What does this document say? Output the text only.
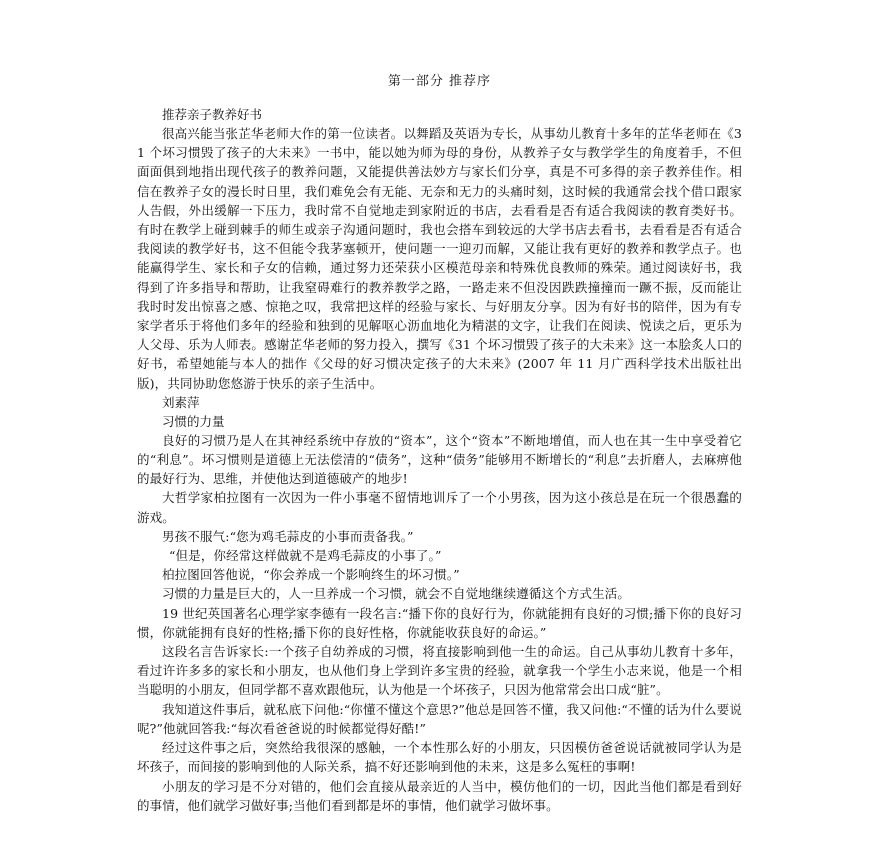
第一部分 推荐序

推荐亲子教养好书

很高兴能当张芷华老师大作的第一位读者。以舞蹈及英语为专长，从事幼儿教育十多年的芷华老师在《31 个坏习惯毁了孩子的大未来》一书中，能以她为师为母的身份，从教养子女与教学学生的角度着手，不但面面俱到地指出现代孩子的教养问题，又能提供善法妙方与家长们分享，真是不可多得的亲子教养佳作。相信在教养子女的漫长时日里，我们难免会有无能、无奈和无力的头痛时刻，这时候的我通常会找个借口跟家人告假，外出缓解一下压力，我时常不自觉地走到家附近的书店，去看看是否有适合我阅读的教育类好书。有时在教学上碰到棘手的师生或亲子沟通问题时，我也会搭车到较远的大学书店去看书，去看看是否有适合我阅读的教学好书，这不但能令我茅塞顿开，使问题一一迎刃而解，又能让我有更好的教养和教学点子。也能赢得学生、家长和子女的信赖，通过努力还荣获小区模范母亲和特殊优良教师的殊荣。通过阅读好书，我得到了许多指导和帮助，让我窒碍难行的教养教学之路，一路走来不但没因跌跌撞撞而一蹶不振，反而能让我时时发出惊喜之感、惊艳之叹，我常把这样的经验与家长、与好朋友分享。因为有好书的陪伴，因为有专家学者乐于将他们多年的经验和独到的见解呕心沥血地化为精湛的文字，让我们在阅读、悦读之后，更乐为人父母、乐为人师表。感谢芷华老师的努力投入，撰写《31 个坏习惯毁了孩子的大未来》这一本脍炙人口的好书，希望她能与本人的拙作《父母的好习惯决定孩子的大未来》(2007 年 11 月广西科学技术出版社出版)，共同协助您悠游于快乐的亲子生活中。

刘素萍

习惯的力量

良好的习惯乃是人在其神经系统中存放的“资本”，这个“资本”不断地增值，而人也在其一生中享受着它的“利息”。坏习惯则是道德上无法偿清的“债务”，这种“债务”能够用不断增长的“利息”去折磨人，去麻痹他的最好行为、思维，并使他达到道德破产的地步!

大哲学家柏拉图有一次因为一件小事毫不留情地训斥了一个小男孩，因为这小孩总是在玩一个很愚蠢的游戏。

男孩不服气:“您为鸡毛蒜皮的小事而责备我。”

“但是，你经常这样做就不是鸡毛蒜皮的小事了。”

柏拉图回答他说，“你会养成一个影响终生的坏习惯。”

习惯的力量是巨大的，人一旦养成一个习惯，就会不自觉地继续遵循这个方式生活。

19 世纪英国著名心理学家李德有一段名言:“播下你的良好行为，你就能拥有良好的习惯;播下你的良好习惯，你就能拥有良好的性格;播下你的良好性格，你就能收获良好的命运。”

这段名言告诉家长:一个孩子自幼养成的习惯，将直接影响到他一生的命运。自己从事幼儿教育十多年，看过许许多多的家长和小朋友，也从他们身上学到许多宝贵的经验，就拿我一个学生小志来说，他是一个相当聪明的小朋友，但同学都不喜欢跟他玩，认为他是一个坏孩子，只因为他常常会出口成“脏”。

我知道这件事后，就私底下问他:“你懂不懂这个意思?”他总是回答不懂，我又问他:“不懂的话为什么要说呢?”他就回答我:“每次看爸爸说的时候都觉得好酷!”

经过这件事之后，突然给我很深的感触，一个本性那么好的小朋友，只因模仿爸爸说话就被同学认为是坏孩子，而间接的影响到他的人际关系，搞不好还影响到他的未来，这是多么冤枉的事啊!

小朋友的学习是不分对错的，他们会直接从最亲近的人当中，模仿他们的一切，因此当他们都是看到好的事情，他们就学习做好事;当他们看到都是坏的事情，他们就学习做坏事。
